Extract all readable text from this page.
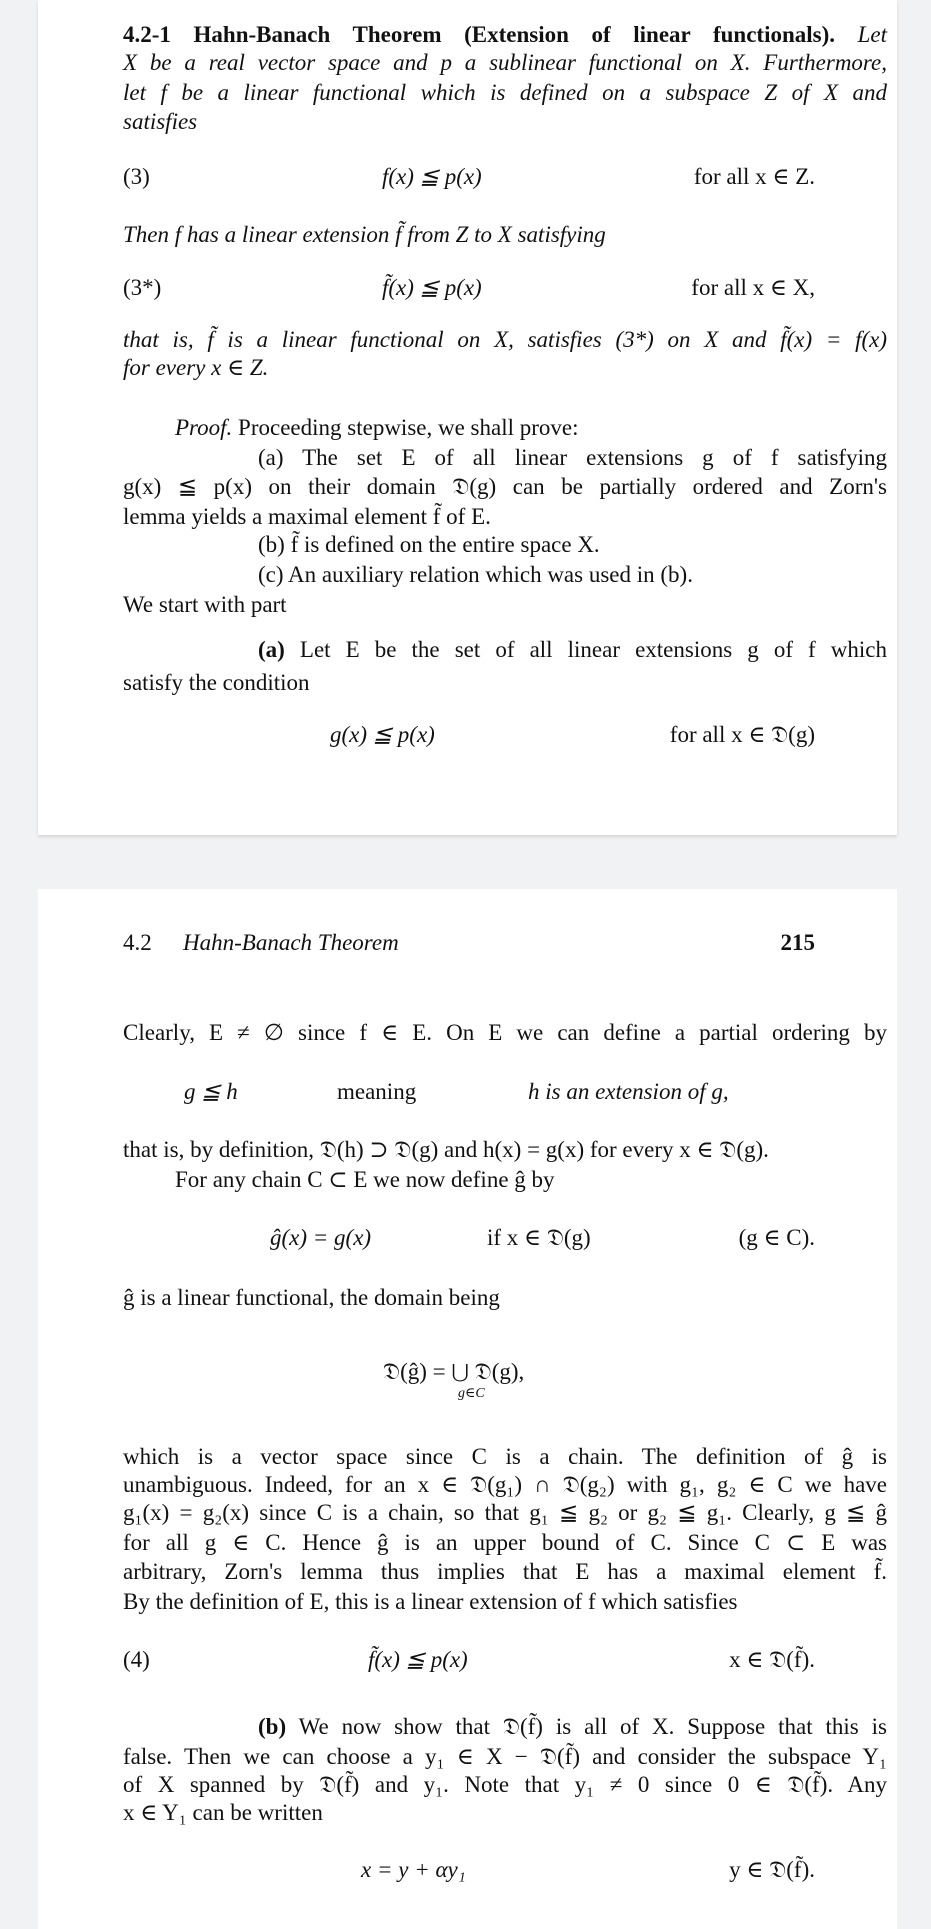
4.2-1 Hahn-Banach Theorem (Extension of linear functionals). Let
X be a real vector space and p a sublinear functional on X. Furthermore,
let f be a linear functional which is defined on a subspace Z of X and
satisfies
(3)	f(x) ≦ p(x)	for all x ∈ Z.
Then f has a linear extension f̃ from Z to X satisfying
(3*)	f̃(x) ≦ p(x)	for all x ∈ X,
that is, f̃ is a linear functional on X, satisfies (3*) on X and f̃(x) = f(x)
for every x ∈ Z.
Proof. Proceeding stepwise, we shall prove:
(a) The set E of all linear extensions g of f satisfying
g(x) ≦ p(x) on their domain 𝔇(g) can be partially ordered and Zorn's
lemma yields a maximal element f̃ of E.
(b) f̃ is defined on the entire space X.
(c) An auxiliary relation which was used in (b).
We start with part
(a) Let E be the set of all linear extensions g of f which
satisfy the condition
g(x) ≦ p(x)	for all x ∈ 𝔇(g)
4.2 Hahn-Banach Theorem	215
Clearly, E ≠ ∅ since f ∈ E. On E we can define a partial ordering by
g ≦ h	meaning	h is an extension of g,
that is, by definition, 𝔇(h) ⊃ 𝔇(g) and h(x) = g(x) for every x ∈ 𝔇(g).
For any chain C ⊂ E we now define ĝ by
ĝ(x) = g(x)	if x ∈ 𝔇(g)	(g ∈ C).
ĝ is a linear functional, the domain being
𝔇(ĝ) = ⋃ 𝔇(g),
g∈C
which is a vector space since C is a chain. The definition of ĝ is
unambiguous. Indeed, for an x ∈ 𝔇(g₁) ∩ 𝔇(g₂) with g₁, g₂ ∈ C we have
g₁(x) = g₂(x) since C is a chain, so that g₁ ≦ g₂ or g₂ ≦ g₁. Clearly, g ≦ ĝ
for all g ∈ C. Hence ĝ is an upper bound of C. Since C ⊂ E was
arbitrary, Zorn's lemma thus implies that E has a maximal element f̃.
By the definition of E, this is a linear extension of f which satisfies
(4)	f̃(x) ≦ p(x)	x ∈ 𝔇(f̃).
(b) We now show that 𝔇(f̃) is all of X. Suppose that this is
false. Then we can choose a y₁ ∈ X − 𝔇(f̃) and consider the subspace Y₁
of X spanned by 𝔇(f̃) and y₁. Note that y₁ ≠ 0 since 0 ∈ 𝔇(f̃). Any
x ∈ Y₁ can be written
x = y + αy₁	y ∈ 𝔇(f̃).
